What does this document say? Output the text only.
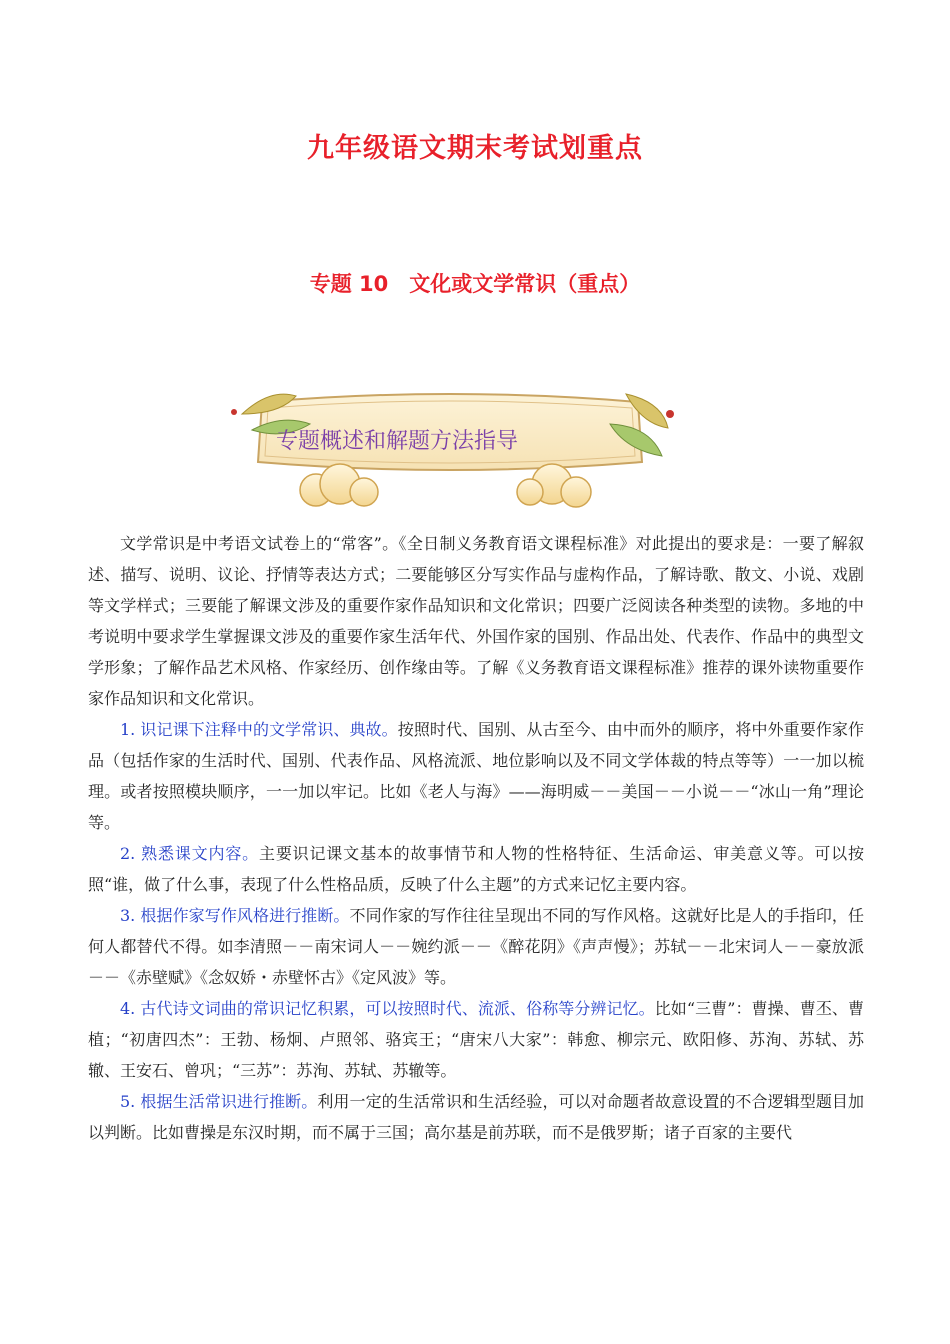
九年级语文期末考试划重点
专题 10　文化或文学常识（重点）
专题概述和解题方法指导

文学常识是中考语文试卷上的“常客”。《全日制义务教育语文课程标准》对此提出的要求是：一要了解叙述、描写、说明、议论、抒情等表达方式；二要能够区分写实作品与虚构作品，了解诗歌、散文、小说、戏剧等文学样式；三要能了解课文涉及的重要作家作品知识和文化常识；四要广泛阅读各种类型的读物。多地的中考说明中要求学生掌握课文涉及的重要作家生活年代、外国作家的国别、作品出处、代表作、作品中的典型文学形象；了解作品艺术风格、作家经历、创作缘由等。了解《义务教育语文课程标准》推荐的课外读物重要作家作品知识和文化常识。

1. 识记课下注释中的文学常识、典故。按照时代、国别、从古至今、由中而外的顺序，将中外重要作家作品（包括作家的生活时代、国别、代表作品、风格流派、地位影响以及不同文学体裁的特点等等）一一加以梳理。或者按照模块顺序，一一加以牢记。比如《老人与海》——海明威－－美国－－小说－－“冰山一角”理论等。

2. 熟悉课文内容。主要识记课文基本的故事情节和人物的性格特征、生活命运、审美意义等。可以按照“谁，做了什么事，表现了什么性格品质，反映了什么主题”的方式来记忆主要内容。

3. 根据作家写作风格进行推断。不同作家的写作往往呈现出不同的写作风格。这就好比是人的手指印，任何人都替代不得。如李清照－－南宋词人－－婉约派－－《醉花阴》《声声慢》；苏轼－－北宋词人－－豪放派－－《赤壁赋》《念奴娇・赤壁怀古》《定风波》等。

4. 古代诗文词曲的常识记忆积累，可以按照时代、流派、俗称等分辨记忆。比如“三曹”：曹操、曹丕、曹植；“初唐四杰”：王勃、杨炯、卢照邻、骆宾王；“唐宋八大家”：韩愈、柳宗元、欧阳修、苏洵、苏轼、苏辙、王安石、曾巩；“三苏”：苏洵、苏轼、苏辙等。

5. 根据生活常识进行推断。利用一定的生活常识和生活经验，可以对命题者故意设置的不合逻辑型题目加以判断。比如曹操是东汉时期，而不属于三国；高尔基是前苏联，而不是俄罗斯；诸子百家的主要代
